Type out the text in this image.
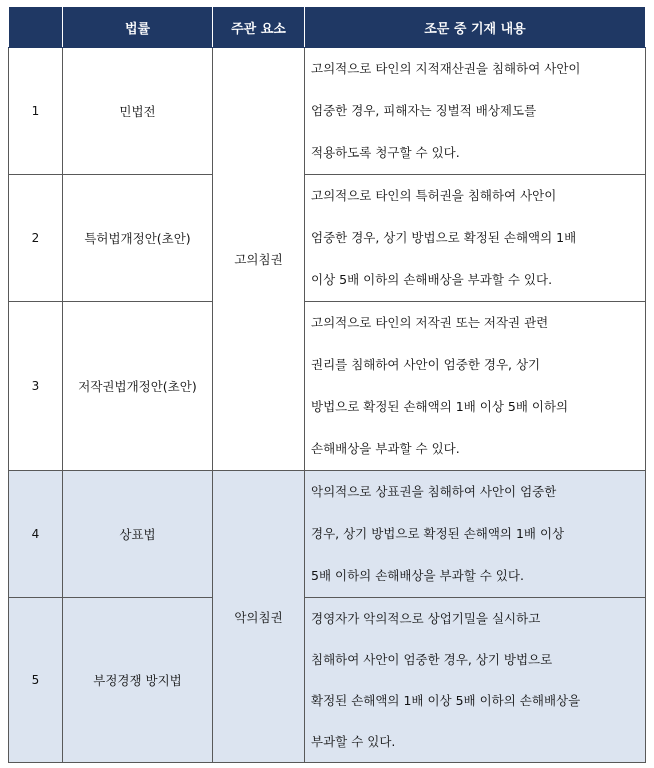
	법률	주관 요소	조문 중 기재 내용
1	민법전	고의침권	고의적으로 타인의 지적재산권을 침해하여 사안이
엄중한 경우, 피해자는 징벌적 배상제도를
적용하도록 청구할 수 있다.

2	특허법개정안(초안)		고의적으로 타인의 특허권을 침해하여 사안이
엄중한 경우, 상기 방법으로 확정된 손해액의 1배
이상 5배 이하의 손해배상을 부과할 수 있다.

3	저작권법개정안(초안)		고의적으로 타인의 저작권 또는 저작권 관련
권리를 침해하여 사안이 엄중한 경우, 상기
방법으로 확정된 손해액의 1배 이상 5배 이하의
손해배상을 부과할 수 있다.

4	상표법	악의침권	악의적으로 상표권을 침해하여 사안이 엄중한
경우, 상기 방법으로 확정된 손해액의 1배 이상
5배 이하의 손해배상을 부과할 수 있다.

5	부정경쟁 방지법		경영자가 악의적으로 상업기밀을 실시하고
침해하여 사안이 엄중한 경우, 상기 방법으로
확정된 손해액의 1배 이상 5배 이하의 손해배상을
부과할 수 있다.
